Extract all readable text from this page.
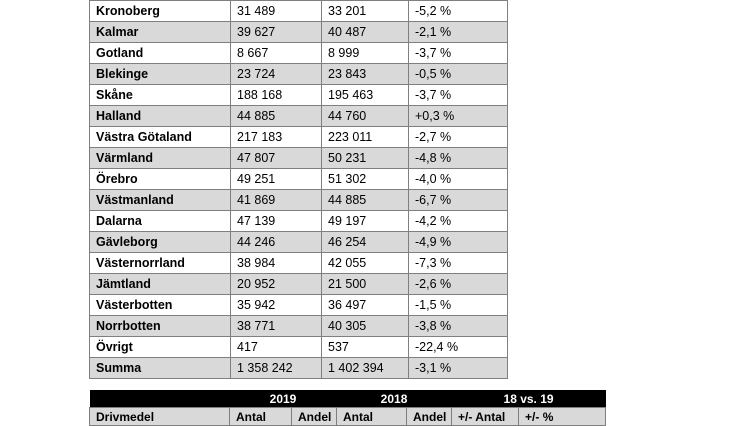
Kronoberg	31 489	33 201	-5,2 %
Kalmar	39 627	40 487	-2,1 %
Gotland	8 667	8 999	-3,7 %
Blekinge	23 724	23 843	-0,5 %
Skåne	188 168	195 463	-3,7 %
Halland	44 885	44 760	+0,3 %
Västra Götaland	217 183	223 011	-2,7 %
Värmland	47 807	50 231	-4,8 %
Örebro	49 251	51 302	-4,0 %
Västmanland	41 869	44 885	-6,7 %
Dalarna	47 139	49 197	-4,2 %
Gävleborg	44 246	46 254	-4,9 %
Västernorrland	38 984	42 055	-7,3 %
Jämtland	20 952	21 500	-2,6 %
Västerbotten	35 942	36 497	-1,5 %
Norrbotten	38 771	40 305	-3,8 %
Övrigt	417	537	-22,4 %
Summa	1 358 242	1 402 394	-3,1 %
	2019		2018		18 vs. 19	
Drivmedel	Antal	Andel	Antal	Andel	+/- Antal	+/- %
